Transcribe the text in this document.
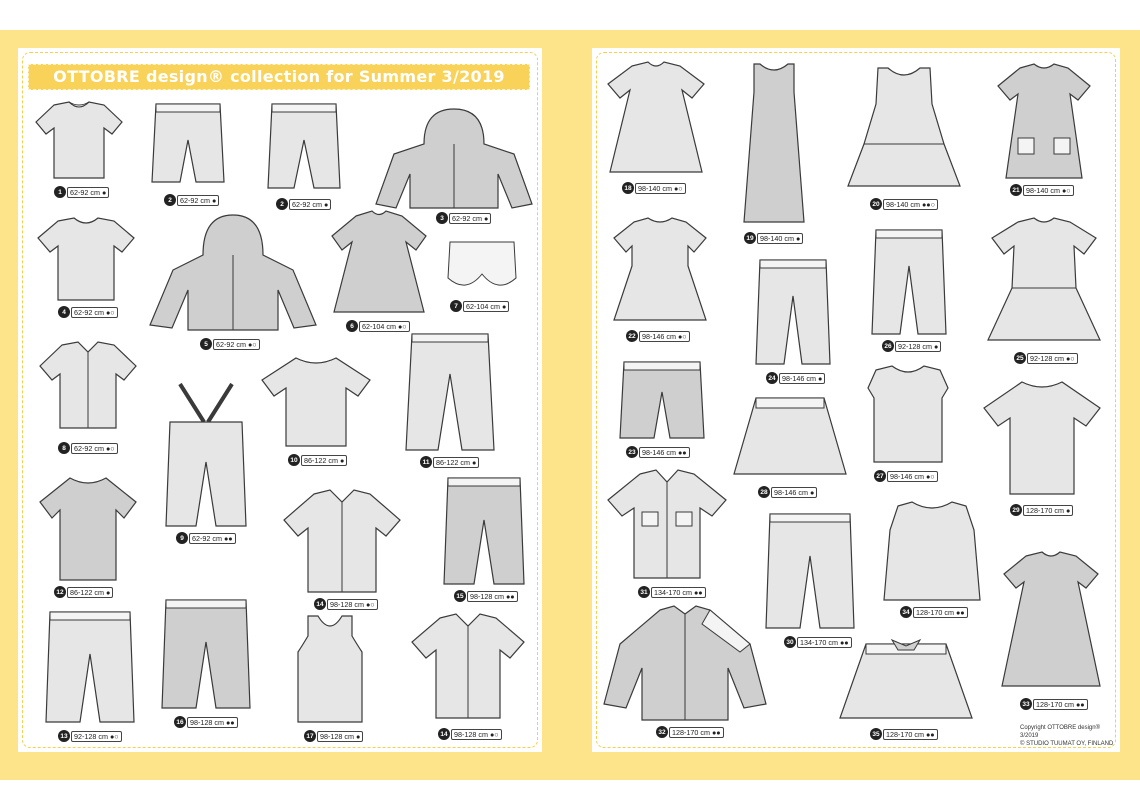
OTTOBRE design® collection for Summer 3/2019
1	62-92 cm ●
2	62-92 cm ●	2	62-92 cm ●
3	62-92 cm ●
4	62-92 cm ●○
5	62-92 cm ●○
6	62-104 cm ●○
7	62-104 cm ●
8	62-92 cm ●○
9	62-92 cm ●●
10 86-122 cm ●	11 86-122 cm ●
12 86-122 cm ●
14 98-128 cm ●○
15 98-128 cm ●●
13 92-128 cm ●○
16 98-128 cm ●●
17 98-128 cm ●	14 98-128 cm ●○
18 98-140 cm ●○
19 98-140 cm ●
20 98-140 cm ●●○
21 98-140 cm ●○
22 98-146 cm ●○
24 98-146 cm ●
26 92-128 cm ●
25 92-128 cm ●○
23 98-146 cm ●●
28 98-146 cm ●
27 98-146 cm ●○
29 128-170 cm ●
31 134-170 cm ●●
30 134-170 cm ●●
34 128-170 cm ●●
33 128-170 cm ●●
32 128-170 cm ●●	35 128-170 cm ●●
Copyright OTTOBRE design® 3/2019
© STUDIO TUUMAT OY, FINLAND
